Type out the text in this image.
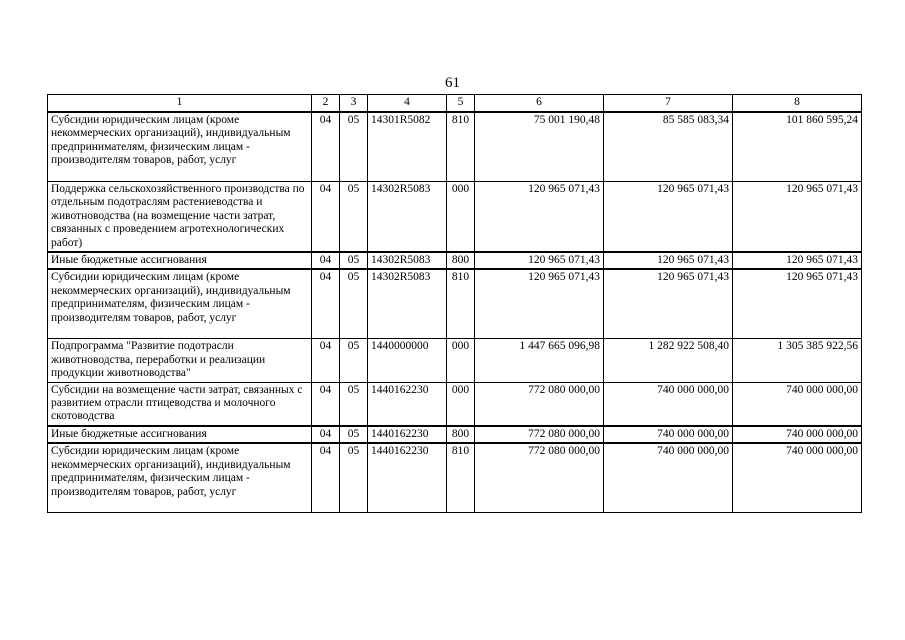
61
1	2	3	4	5	6	7	8
Субсидии юридическим лицам (кроме некоммерческих организаций), индивидуальным предпринимателям, физическим лицам - производителям товаров, работ, услуг	04	05	14301R5082	810	75 001 190,48	85 585 083,34	101 860 595,24
Поддержка сельскохозяйственного производства по отдельным подотраслям растениеводства и животноводства (на возмещение части затрат, связанных с проведением агротехнологических работ)	04	05	14302R5083	000	120 965 071,43	120 965 071,43	120 965 071,43
Иные бюджетные ассигнования	04	05	14302R5083	800	120 965 071,43	120 965 071,43	120 965 071,43
Субсидии юридическим лицам (кроме некоммерческих организаций), индивидуальным предпринимателям, физическим лицам - производителям товаров, работ, услуг	04	05	14302R5083	810	120 965 071,43	120 965 071,43	120 965 071,43
Подпрограмма "Развитие подотрасли животноводства, переработки и реализации продукции животноводства"	04	05	1440000000	000	1 447 665 096,98	1 282 922 508,40	1 305 385 922,56
Субсидии на возмещение части затрат, связанных с развитием отрасли птицеводства и молочного скотоводства	04	05	1440162230	000	772 080 000,00	740 000 000,00	740 000 000,00
Иные бюджетные ассигнования	04	05	1440162230	800	772 080 000,00	740 000 000,00	740 000 000,00
Субсидии юридическим лицам (кроме некоммерческих организаций), индивидуальным предпринимателям, физическим лицам - производителям товаров, работ, услуг	04	05	1440162230	810	772 080 000,00	740 000 000,00	740 000 000,00
